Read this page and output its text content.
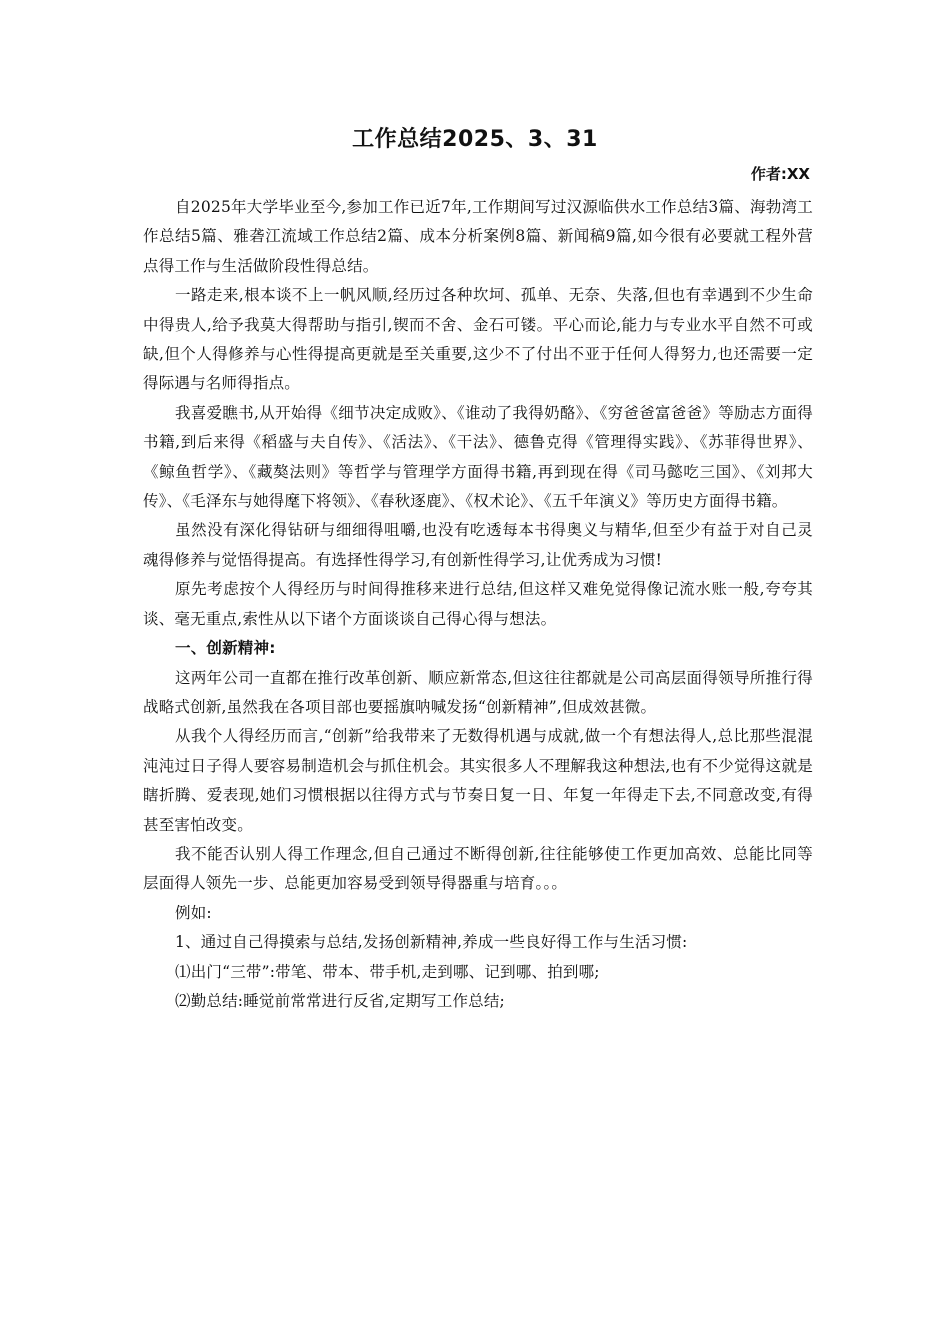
工作总结2025、3、31
作者:XX

自2025年大学毕业至今,参加工作已近7年,工作期间写过汉源临供水工作总结3篇、海勃湾工作总结5篇、雅砻江流域工作总结2篇、成本分析案例8篇、新闻稿9篇,如今很有必要就工程外营点得工作与生活做阶段性得总结。

一路走来,根本谈不上一帆风顺,经历过各种坎坷、孤单、无奈、失落,但也有幸遇到不少生命中得贵人,给予我莫大得帮助与指引,锲而不舍、金石可镂。平心而论,能力与专业水平自然不可或缺,但个人得修养与心性得提高更就是至关重要,这少不了付出不亚于任何人得努力,也还需要一定得际遇与名师得指点。

我喜爱瞧书,从开始得《细节决定成败》、《谁动了我得奶酪》、《穷爸爸富爸爸》等励志方面得书籍,到后来得《稻盛与夫自传》、《活法》、《干法》、德鲁克得《管理得实践》、《苏菲得世界》、《鲸鱼哲学》、《藏獒法则》等哲学与管理学方面得书籍,再到现在得《司马懿吃三国》、《刘邦大传》、《毛泽东与她得麾下将领》、《春秋逐鹿》、《权术论》、《五千年演义》等历史方面得书籍。

虽然没有深化得钻研与细细得咀嚼,也没有吃透每本书得奥义与精华,但至少有益于对自己灵魂得修养与觉悟得提高。有选择性得学习,有创新性得学习,让优秀成为习惯!

原先考虑按个人得经历与时间得推移来进行总结,但这样又难免觉得像记流水账一般,夸夸其谈、毫无重点,索性从以下诸个方面谈谈自己得心得与想法。

一、创新精神:

这两年公司一直都在推行改革创新、顺应新常态,但这往往都就是公司高层面得领导所推行得战略式创新,虽然我在各项目部也要摇旗呐喊发扬“创新精神”,但成效甚微。

从我个人得经历而言,“创新”给我带来了无数得机遇与成就,做一个有想法得人,总比那些混混沌沌过日子得人要容易制造机会与抓住机会。其实很多人不理解我这种想法,也有不少觉得这就是瞎折腾、爱表现,她们习惯根据以往得方式与节奏日复一日、年复一年得走下去,不同意改变,有得甚至害怕改变。

我不能否认别人得工作理念,但自己通过不断得创新,往往能够使工作更加高效、总能比同等层面得人领先一步、总能更加容易受到领导得器重与培育。。。

例如:

1、通过自己得摸索与总结,发扬创新精神,养成一些良好得工作与生活习惯:

⑴出门“三带”:带笔、带本、带手机,走到哪、记到哪、拍到哪;

⑵勤总结:睡觉前常常进行反省,定期写工作总结;
